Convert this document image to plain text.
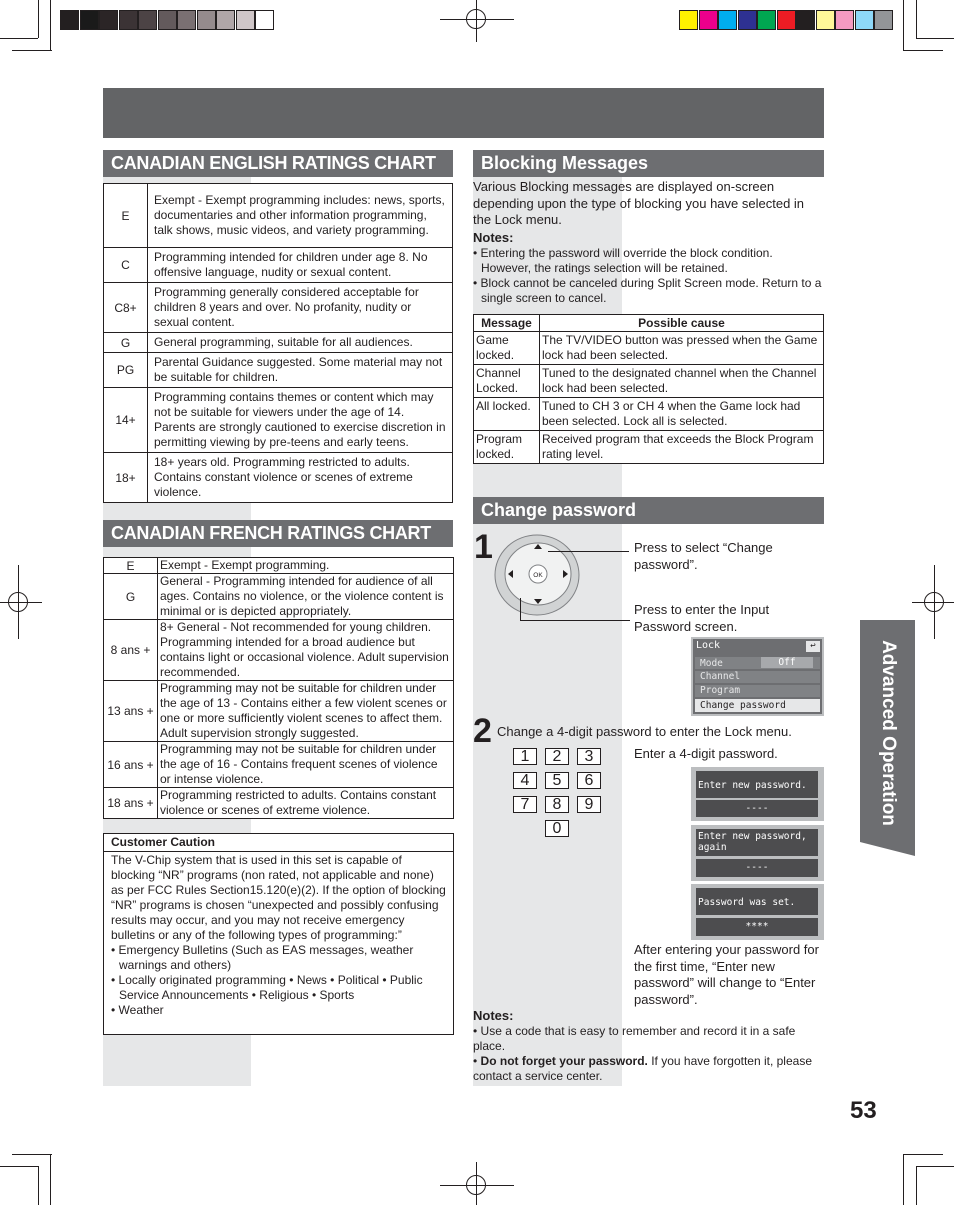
CANADIAN ENGLISH RATINGS CHART
E	Exempt - Exempt programming includes: news, sports, documentaries and other information programming, talk shows, music videos, and variety programming.
C	Programming intended for children under age 8. No offensive language, nudity or sexual content.
C8+	Programming generally considered acceptable for children 8 years and over. No profanity, nudity or sexual content.
G	General programming, suitable for all audiences.
PG	Parental Guidance suggested. Some material may not be suitable for children.
14+	Programming contains themes or content which may not be suitable for viewers under the age of 14. Parents are strongly cautioned to exercise discretion in permitting viewing by pre-teens and early teens.
18+	18+ years old. Programming restricted to adults. Contains constant violence or scenes of extreme violence.
CANADIAN FRENCH RATINGS CHART
E	Exempt - Exempt programming.
G	General - Programming intended for audience of all ages. Contains no violence, or the violence content is minimal or is depicted appropriately.
8 ans +	8+ General - Not recommended for young children. Programming intended for a broad audience but contains light or occasional violence. Adult supervision recommended.
13 ans +	Programming may not be suitable for children under the age of 13 - Contains either a few violent scenes or one or more sufficiently violent scenes to affect them. Adult supervision strongly suggested.
16 ans +	Programming may not be suitable for children under the age of 16 - Contains frequent scenes of violence or intense violence.
18 ans +	Programming restricted to adults. Contains constant violence or scenes of extreme violence.
Customer Caution
The V-Chip system that is used in this set is capable of blocking “NR” programs (non rated, not applicable and none) as per FCC Rules Section15.120(e)(2). If the option of blocking “NR” programs is chosen “unexpected and possibly confusing results may occur, and you may not receive emergency bulletins or any of the following types of programming:”
• Emergency Bulletins (Such as EAS messages, weather warnings and others)
• Locally originated programming • News • Political • Public Service Announcements • Religious • Sports
• Weather
Blocking Messages
Various Blocking messages are displayed on-screen depending upon the type of blocking you have selected in the Lock menu.
Notes:
• Entering the password will override the block condition. However, the ratings selection will be retained.
• Block cannot be canceled during Split Screen mode. Return to a single screen to cancel.
Message	Possible cause
Game locked.	The TV/VIDEO button was pressed when the Game lock had been selected.
Channel Locked.	Tuned to the designated channel when the Channel lock had been selected.
All locked.	Tuned to CH 3 or CH 4 when the Game lock had been selected. Lock all is selected.
Program locked.	Received program that exceeds the Block Program rating level.
Change password
1
OK
Press to select “Change password”.
Press to enter the Input Password screen.
Lock	↩
Mode	Off
Channel
Program
Change password
2 Change a 4-digit password to enter the Lock menu.
Enter a 4-digit password.
1	2	3
4	5	6
7	8	9
0
Enter new password.
----
Enter new password, again
----
Password was set.
****
After entering your password for the first time, “Enter new password” will change to “Enter password”.
Notes:
• Use a code that is easy to remember and record it in a safe place.
• Do not forget your password. If you have forgotten it, please contact a service center.
Advanced Operation
53
